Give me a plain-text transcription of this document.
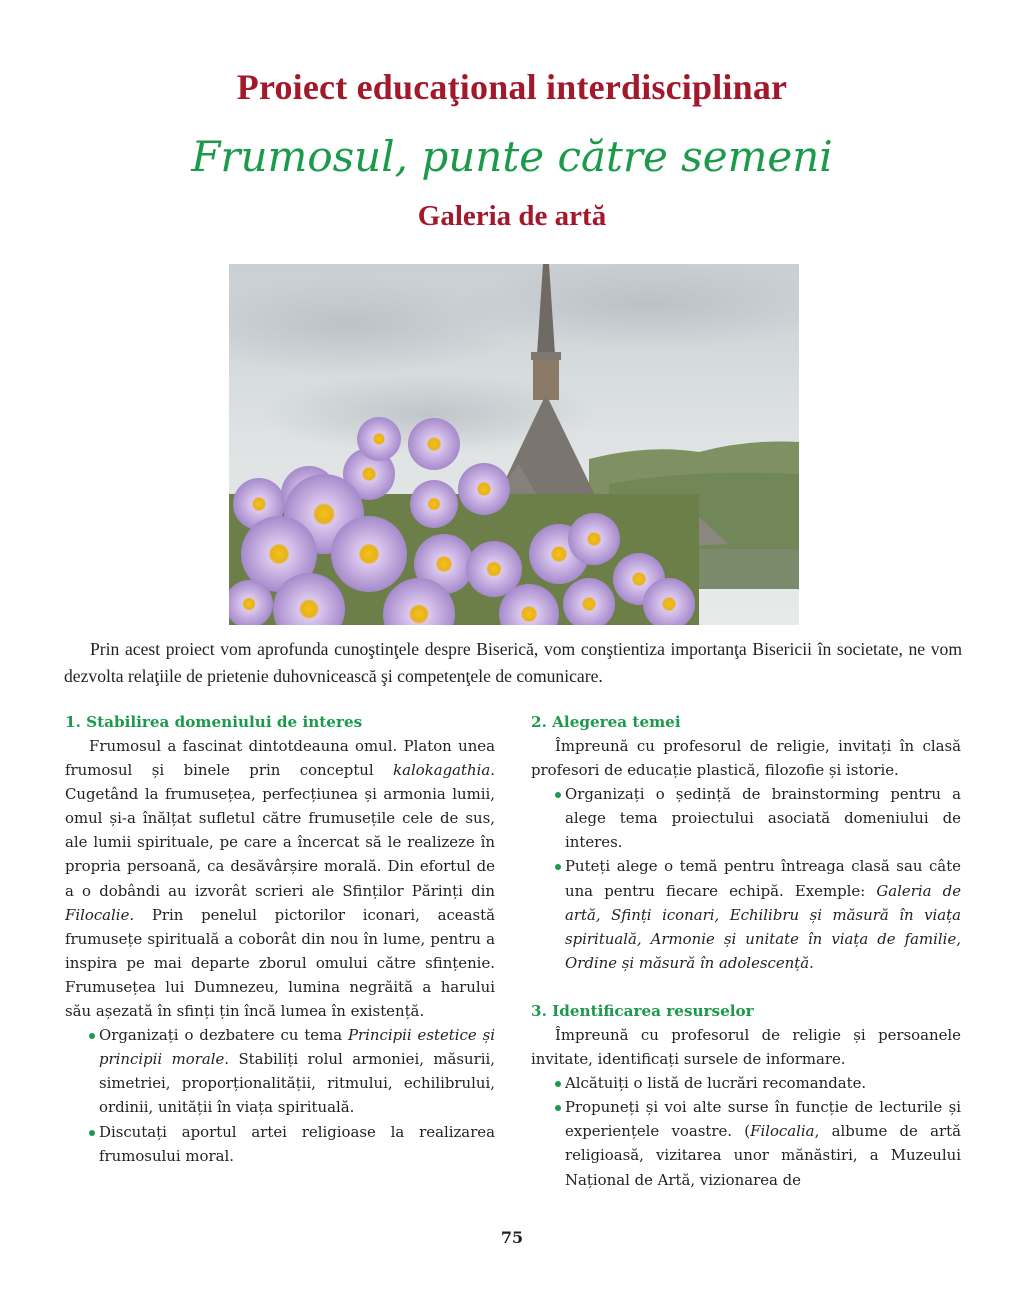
Proiect educaţional interdisciplinar
Frumosul, punte către semeni
Galeria de artă

Prin acest proiect vom aprofunda cunoştinţele despre Biserică, vom conştientiza importanţa Bisericii în societate, ne vom dezvolta relaţiile de prietenie duhovnicească şi competenţele de comunicare.

1. Stabilirea domeniului de interes

Frumosul a fascinat dintotdeauna omul. Platon unea frumosul și binele prin conceptul kalokagathia. Cugetând la frumusețea, perfecțiunea și armonia lumii, omul și-a înălțat sufletul către frumusețile cele de sus, ale lumii spirituale, pe care a încercat să le realizeze în propria persoană, ca desăvârșire morală. Din efortul de a o dobândi au izvorât scrieri ale Sfinților Părinți din Filocalie. Prin penelul pictorilor iconari, această frumusețe spirituală a coborât din nou în lume, pentru a inspira pe mai departe zborul omului către sfințenie. Frumusețea lui Dumnezeu, lumina negrăită a harului său așezată în sfinți țin încă lumea în existență.

Organizați o dezbatere cu tema Principii estetice și principii morale. Stabiliți rolul armoniei, măsurii, simetriei, proporționalității, ritmului, echilibrului, ordinii, unității în viața spirituală.
Discutați aportul artei religioase la realizarea frumosului moral.
2. Alegerea temei

Împreună cu profesorul de religie, invitați în clasă profesori de educație plastică, filozofie și istorie.

Organizați o ședință de brainstorming pentru a alege tema proiectului asociată domeniului de interes.
Puteți alege o temă pentru întreaga clasă sau câte una pentru fiecare echipă. Exemple: Galeria de artă, Sfinți iconari, Echilibru și măsură în viața spirituală, Armonie și unitate în viața de familie, Ordine și măsură în adolescență.
3. Identificarea resurselor

Împreună cu profesorul de religie și persoanele invitate, identificați sursele de informare.

Alcătuiți o listă de lucrări recomandate.
Propuneți și voi alte surse în funcție de lecturile și experiențele voastre. (Filocalia, albume de artă religioasă, vizitarea unor mănăstiri, a Muzeului Național de Artă, vizionarea de
75
